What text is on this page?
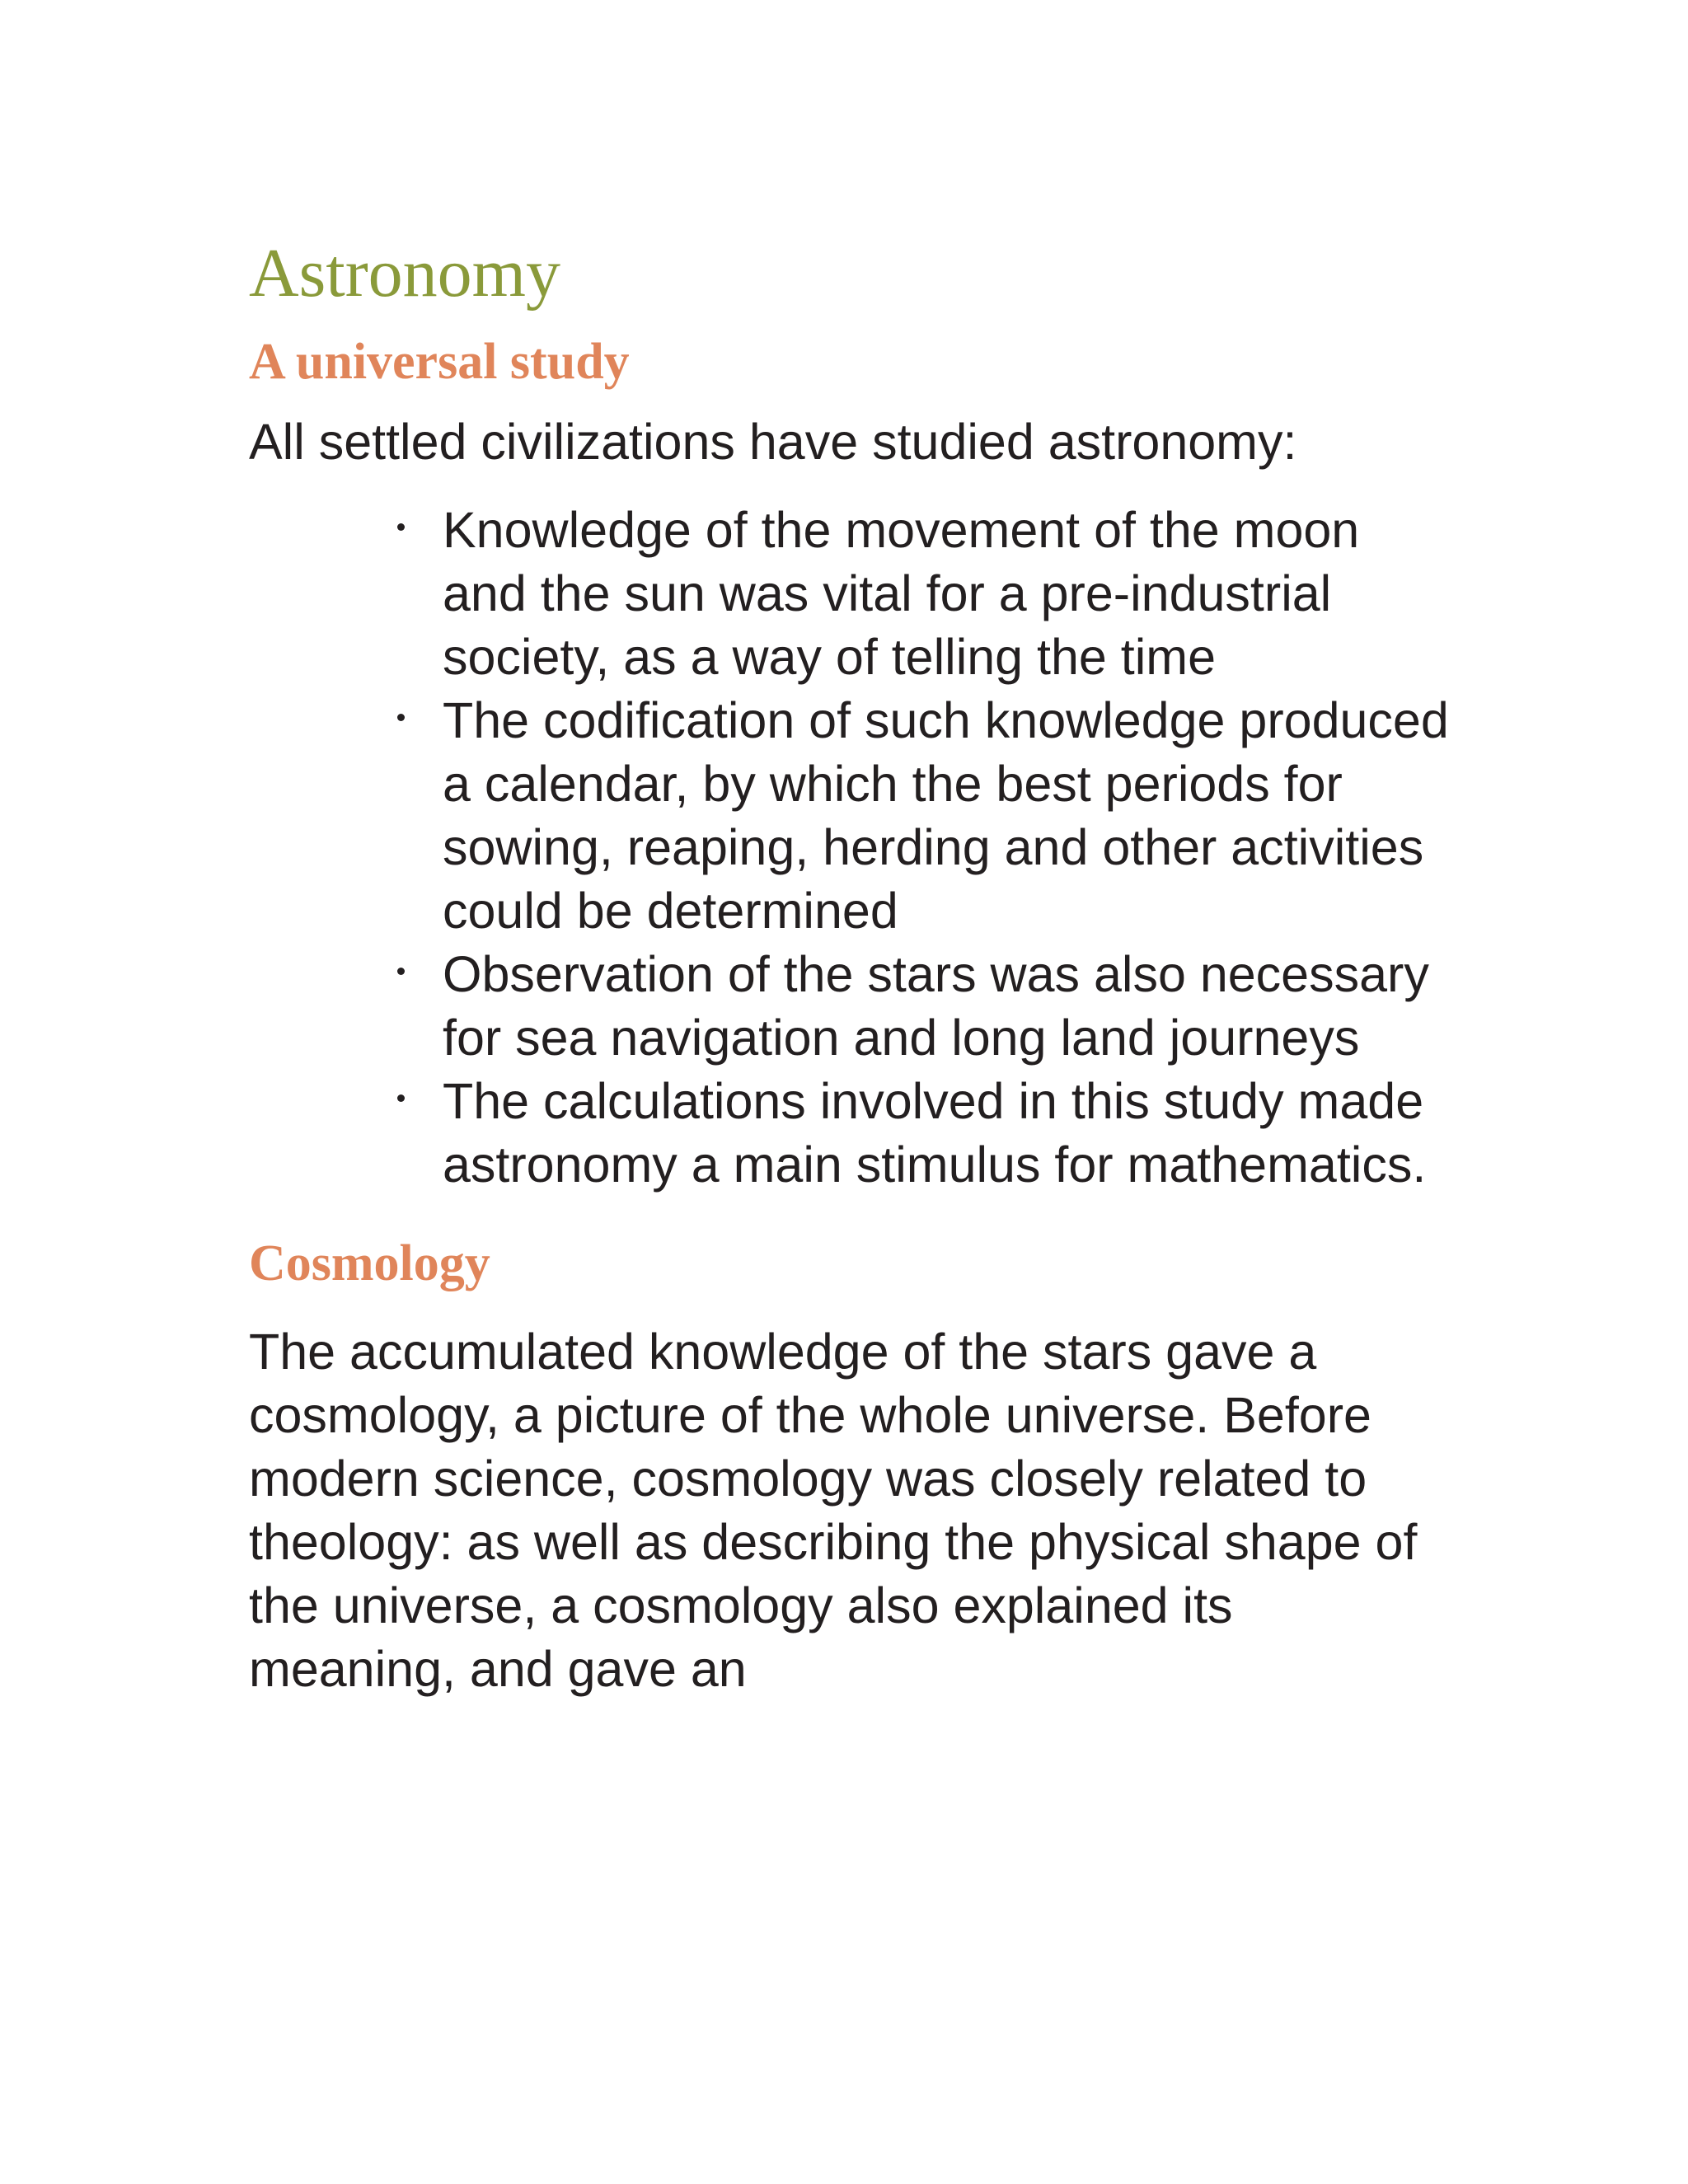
Astronomy
A universal study

All settled civilizations have studied astronomy:

Knowledge of the movement of the moon and the sun was vital for a pre-industrial society, as a way of telling the time
The codification of such knowledge produced a calendar, by which the best periods for sowing, reaping, herding and other activities could be determined
Observation of the stars was also necessary for sea navigation and long land journeys
The calculations involved in this study made astronomy a main stimulus for mathematics.
Cosmology

The accumulated knowledge of the stars gave a cosmology, a picture of the whole universe. Before modern science, cosmology was closely related to theology: as well as describing the physical shape of the universe, a cosmology also explained its meaning, and gave an
